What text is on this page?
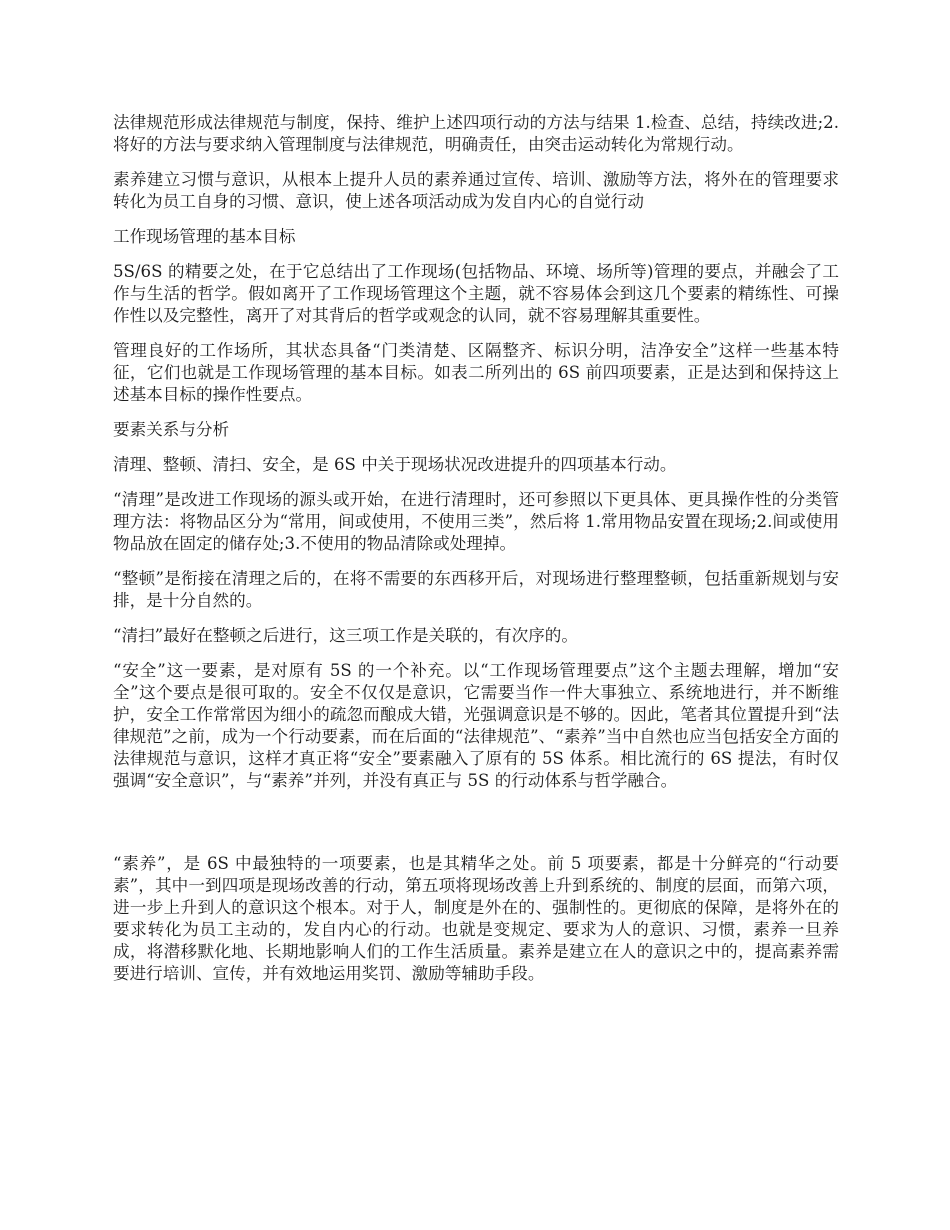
法律规范形成法律规范与制度，保持、维护上述四项行动的方法与结果 1.检查、总结，持续改进;2.将好的方法与要求纳入管理制度与法律规范，明确责任，由突击运动转化为常规行动。

素养建立习惯与意识，从根本上提升人员的素养通过宣传、培训、激励等方法，将外在的管理要求转化为员工自身的习惯、意识，使上述各项活动成为发自内心的自觉行动

工作现场管理的基本目标

5S/6S 的精要之处，在于它总结出了工作现场(包括物品、环境、场所等)管理的要点，并融会了工作与生活的哲学。假如离开了工作现场管理这个主题，就不容易体会到这几个要素的精练性、可操作性以及完整性，离开了对其背后的哲学或观念的认同，就不容易理解其重要性。

管理良好的工作场所，其状态具备“门类清楚、区隔整齐、标识分明，洁净安全”这样一些基本特征，它们也就是工作现场管理的基本目标。如表二所列出的 6S 前四项要素，正是达到和保持这上述基本目标的操作性要点。

要素关系与分析

清理、整顿、清扫、安全，是 6S 中关于现场状况改进提升的四项基本行动。

“清理”是改进工作现场的源头或开始，在进行清理时，还可参照以下更具体、更具操作性的分类管理方法：将物品区分为“常用，间或使用，不使用三类”，然后将 1.常用物品安置在现场;2.间或使用物品放在固定的储存处;3.不使用的物品清除或处理掉。

“整顿”是衔接在清理之后的，在将不需要的东西移开后，对现场进行整理整顿，包括重新规划与安排，是十分自然的。

“清扫”最好在整顿之后进行，这三项工作是关联的，有次序的。

“安全”这一要素，是对原有 5S 的一个补充。以“工作现场管理要点”这个主题去理解，增加“安全”这个要点是很可取的。安全不仅仅是意识，它需要当作一件大事独立、系统地进行，并不断维护，安全工作常常因为细小的疏忽而酿成大错，光强调意识是不够的。因此，笔者其位置提升到“法律规范”之前，成为一个行动要素，而在后面的“法律规范”、“素养”当中自然也应当包括安全方面的法律规范与意识，这样才真正将“安全”要素融入了原有的 5S 体系。相比流行的 6S 提法，有时仅强调“安全意识”，与“素养”并列，并没有真正与 5S 的行动体系与哲学融合。

“素养”，是 6S 中最独特的一项要素，也是其精华之处。前 5 项要素，都是十分鲜亮的“行动要素”，其中一到四项是现场改善的行动，第五项将现场改善上升到系统的、制度的层面，而第六项，进一步上升到人的意识这个根本。对于人，制度是外在的、强制性的。更彻底的保障，是将外在的要求转化为员工主动的，发自内心的行动。也就是变规定、要求为人的意识、习惯，素养一旦养成，将潜移默化地、长期地影响人们的工作生活质量。素养是建立在人的意识之中的，提高素养需要进行培训、宣传，并有效地运用奖罚、激励等辅助手段。
